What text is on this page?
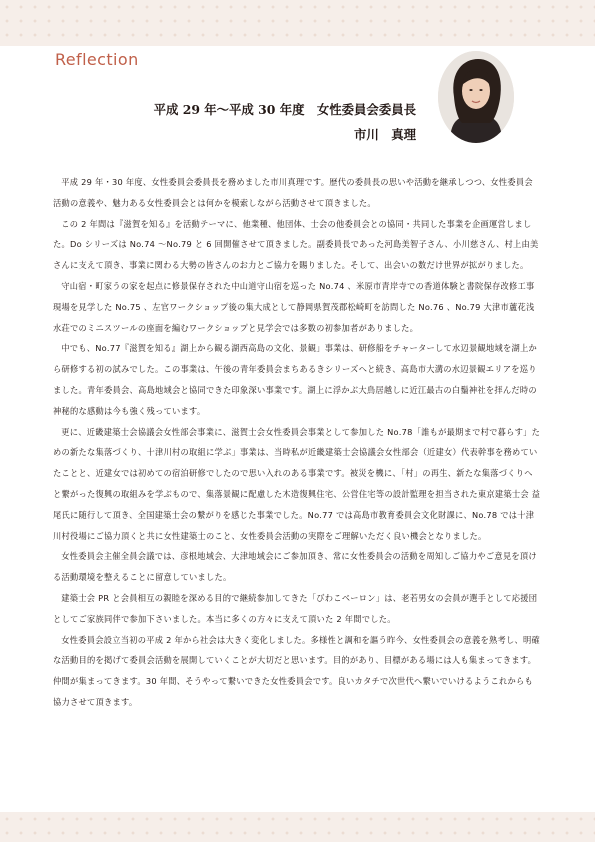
Reflection
平成 29 年〜平成 30 年度　女性委員会委員長
市川　真理

平成 29 年・30 年度、女性委員会委員長を務めました市川真理です。歴代の委員長の思いや活動を継承しつつ、女性委員会活動の意義や、魅力ある女性委員会とは何かを模索しながら活動させて頂きました。

この 2 年間は『滋賀を知る』を活動テーマに、他業種、他団体、士会の他委員会との協同・共同した事業を企画運営しました。Do シリーズは No.74 〜No.79 と 6 回開催させて頂きました。副委員長であった河島美智子さん、小川慈さん、村上由美さんに支えて頂き、事業に関わる大勢の皆さんのお力とご協力を賜りました。そして、出会いの数だけ世界が拡がりました。

守山宿・町家うの家を起点に修景保存された中山道守山宿を巡った No.74 、米原市青岸寺での香道体験と書院保存改修工事現場を見学した No.75 、左官ワークショップ後の集大成として静岡県賀茂郡松崎町を訪問した No.76 、No.79 大津市蘆花浅水荘でのミニスツールの座面を編むワークショップと見学会では多数の初参加者がありました。

中でも、No.77『滋賀を知る』湖上から観る湖西高島の文化、景観」事業は、研修船をチャーターして水辺景観地域を湖上から研修する初の試みでした。この事業は、午後の青年委員会まちあるきシリーズへと続き、高島市大溝の水辺景観エリアを巡りました。青年委員会、高島地域会と協同できた印象深い事業です。湖上に浮かぶ大鳥居越しに近江最古の白鬚神社を拝んだ時の神秘的な感動は今も強く残っています。

更に、近畿建築士会協議会女性部会事業に、滋賀士会女性委員会事業として参加した No.78「誰もが最期まで村で暮らす」ための新たな集落づくり、十津川村の取組に学ぶ」事業は、当時私が近畿建築士会協議会女性部会（近建女）代表幹事を務めていたことと、近建女では初めての宿泊研修でしたので思い入れのある事業です。被災を機に、「村」の再生、新たな集落づくりへと繋がった復興の取組みを学ぶもので、集落景観に配慮した木造復興住宅、公営住宅等の設計監理を担当された東京建築士会 益尾氏に随行して頂き、全国建築士会の繋がりを感じた事業でした。No.77 では高島市教育委員会文化財課に、No.78 では十津川村役場にご協力頂くと共に女性建築士のこと、女性委員会活動の実際をご理解いただく良い機会となりました。

女性委員会主催全員会議では、彦根地域会、大津地域会にご参加頂き、常に女性委員会の活動を周知しご協力やご意見を頂ける活動環境を整えることに留意していました。

建築士会 PR と会員相互の親睦を深める目的で継続参加してきた「びわこベーロン」は、老若男女の会員が選手として応援団としてご家族同伴で参加下さいました。本当に多くの方々に支えて頂いた 2 年間でした。

女性委員会設立当初の平成 2 年から社会は大きく変化しました。多様性と調和を謳う昨今、女性委員会の意義を熟考し、明確な活動目的を掲げて委員会活動を展開していくことが大切だと思います。目的があり、目標がある場には人も集まってきます。仲間が集まってきます。30 年間、そうやって繋いできた女性委員会です。良いカタチで次世代へ繋いでいけるようこれからも協力させて頂きます。
